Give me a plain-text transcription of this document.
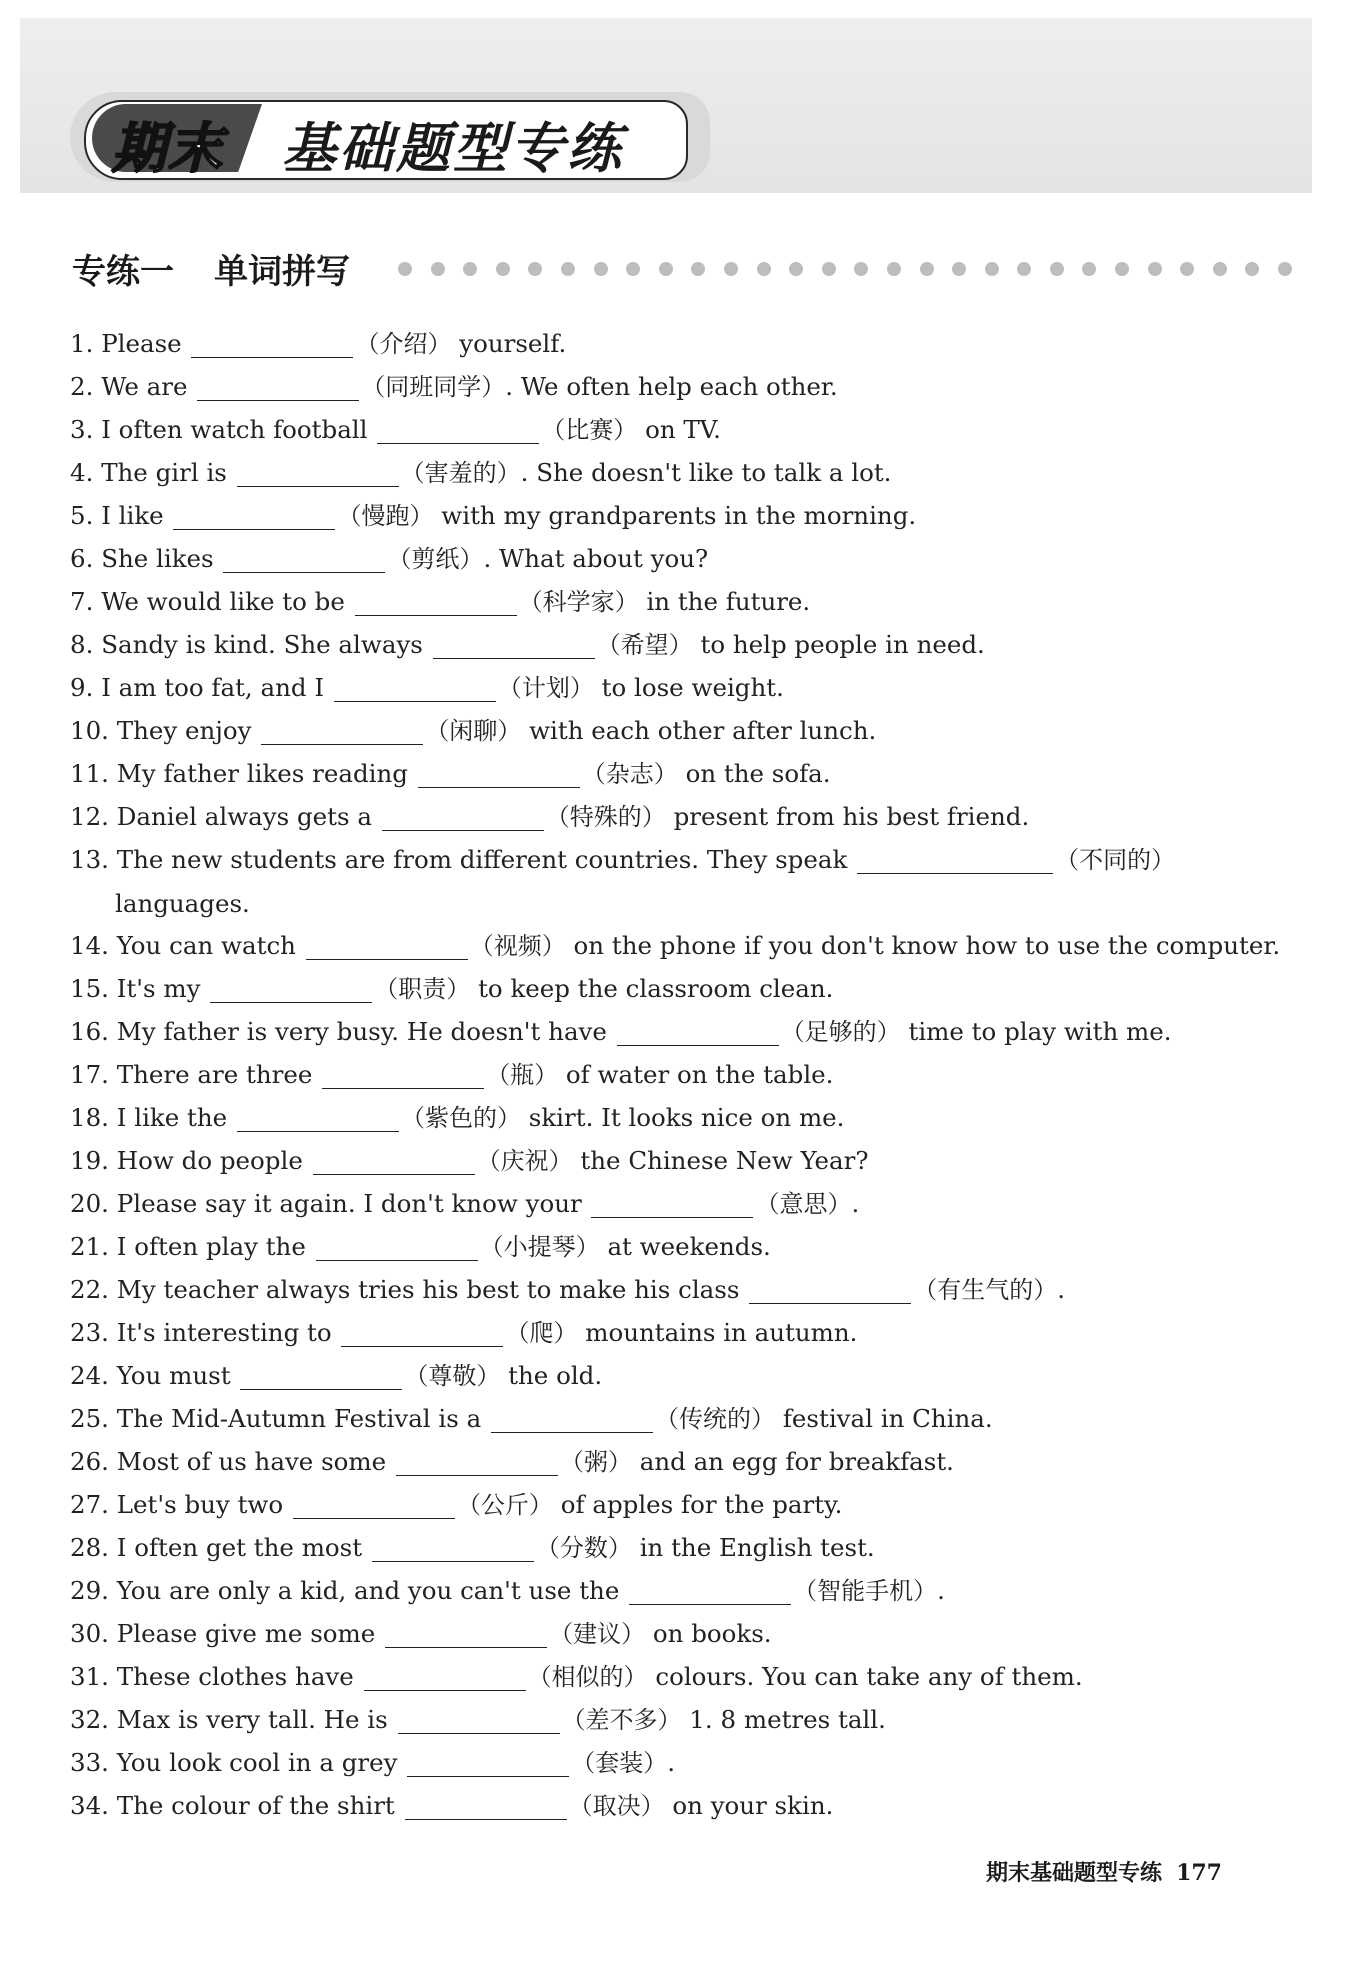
期末 基础题型专练
专练一 单词拼写
1. Please	（介绍） yourself.
2. We are	（同班同学）. We often help each other.
3. I often watch football	（比赛） on TV.
4. The girl is	（害羞的）. She doesn't like to talk a lot.
5. I like	（慢跑） with my grandparents in the morning.
6. She likes	（剪纸）. What about you?
7. We would like to be	（科学家） in the future.
8. Sandy is kind. She always	（希望） to help people in need.
9. I am too fat, and I	（计划） to lose weight.
10. They enjoy	（闲聊） with each other after lunch.
11. My father likes reading	（杂志） on the sofa.
12. Daniel always gets a	（特殊的） present from his best friend.
13. The new students are from different countries. They speak	（不同的）
languages.
14. You can watch	（视频） on the phone if you don't know how to use the computer.
15. It's my	（职责） to keep the classroom clean.
16. My father is very busy. He doesn't have	（足够的） time to play with me.
17. There are three	（瓶） of water on the table.
18. I like the	（紫色的） skirt. It looks nice on me.
19. How do people	（庆祝） the Chinese New Year?
20. Please say it again. I don't know your	（意思）.
21. I often play the	（小提琴） at weekends.
22. My teacher always tries his best to make his class	（有生气的）.
23. It's interesting to	（爬） mountains in autumn.
24. You must	（尊敬） the old.
25. The Mid-Autumn Festival is a	（传统的） festival in China.
26. Most of us have some	（粥） and an egg for breakfast.
27. Let's buy two	（公斤） of apples for the party.
28. I often get the most	（分数） in the English test.
29. You are only a kid, and you can't use the	（智能手机）.
30. Please give me some	（建议） on books.
31. These clothes have	（相似的） colours. You can take any of them.
32. Max is very tall. He is	（差不多） 1. 8 metres tall.
33. You look cool in a grey	（套装）.
34. The colour of the shirt	（取决） on your skin.
期末基础题型专练 177
